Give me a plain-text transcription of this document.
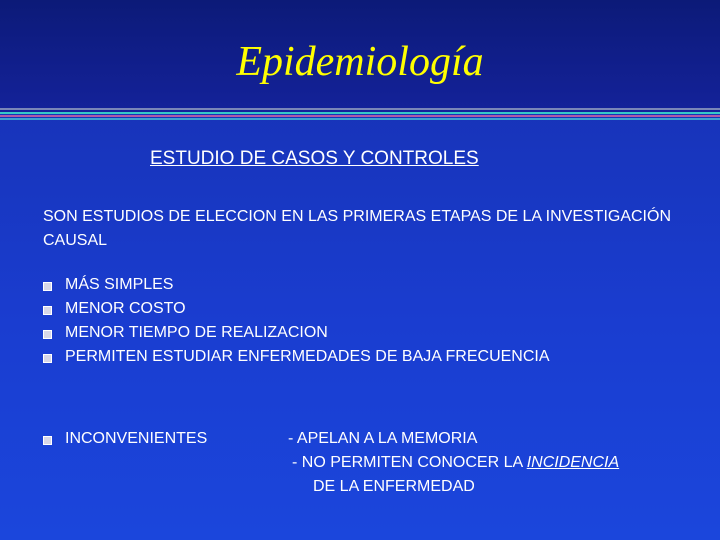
Epidemiología
ESTUDIO DE CASOS Y CONTROLES
SON ESTUDIOS DE ELECCION EN LAS PRIMERAS ETAPAS DE LA INVESTIGACIÓN CAUSAL
MÁS SIMPLES
MENOR COSTO
MENOR TIEMPO DE REALIZACION
PERMITEN ESTUDIAR ENFERMEDADES DE BAJA FRECUENCIA
INCONVENIENTES	- APELAN A LA MEMORIA
- NO PERMITEN CONOCER LA INCIDENCIA
DE LA ENFERMEDAD
